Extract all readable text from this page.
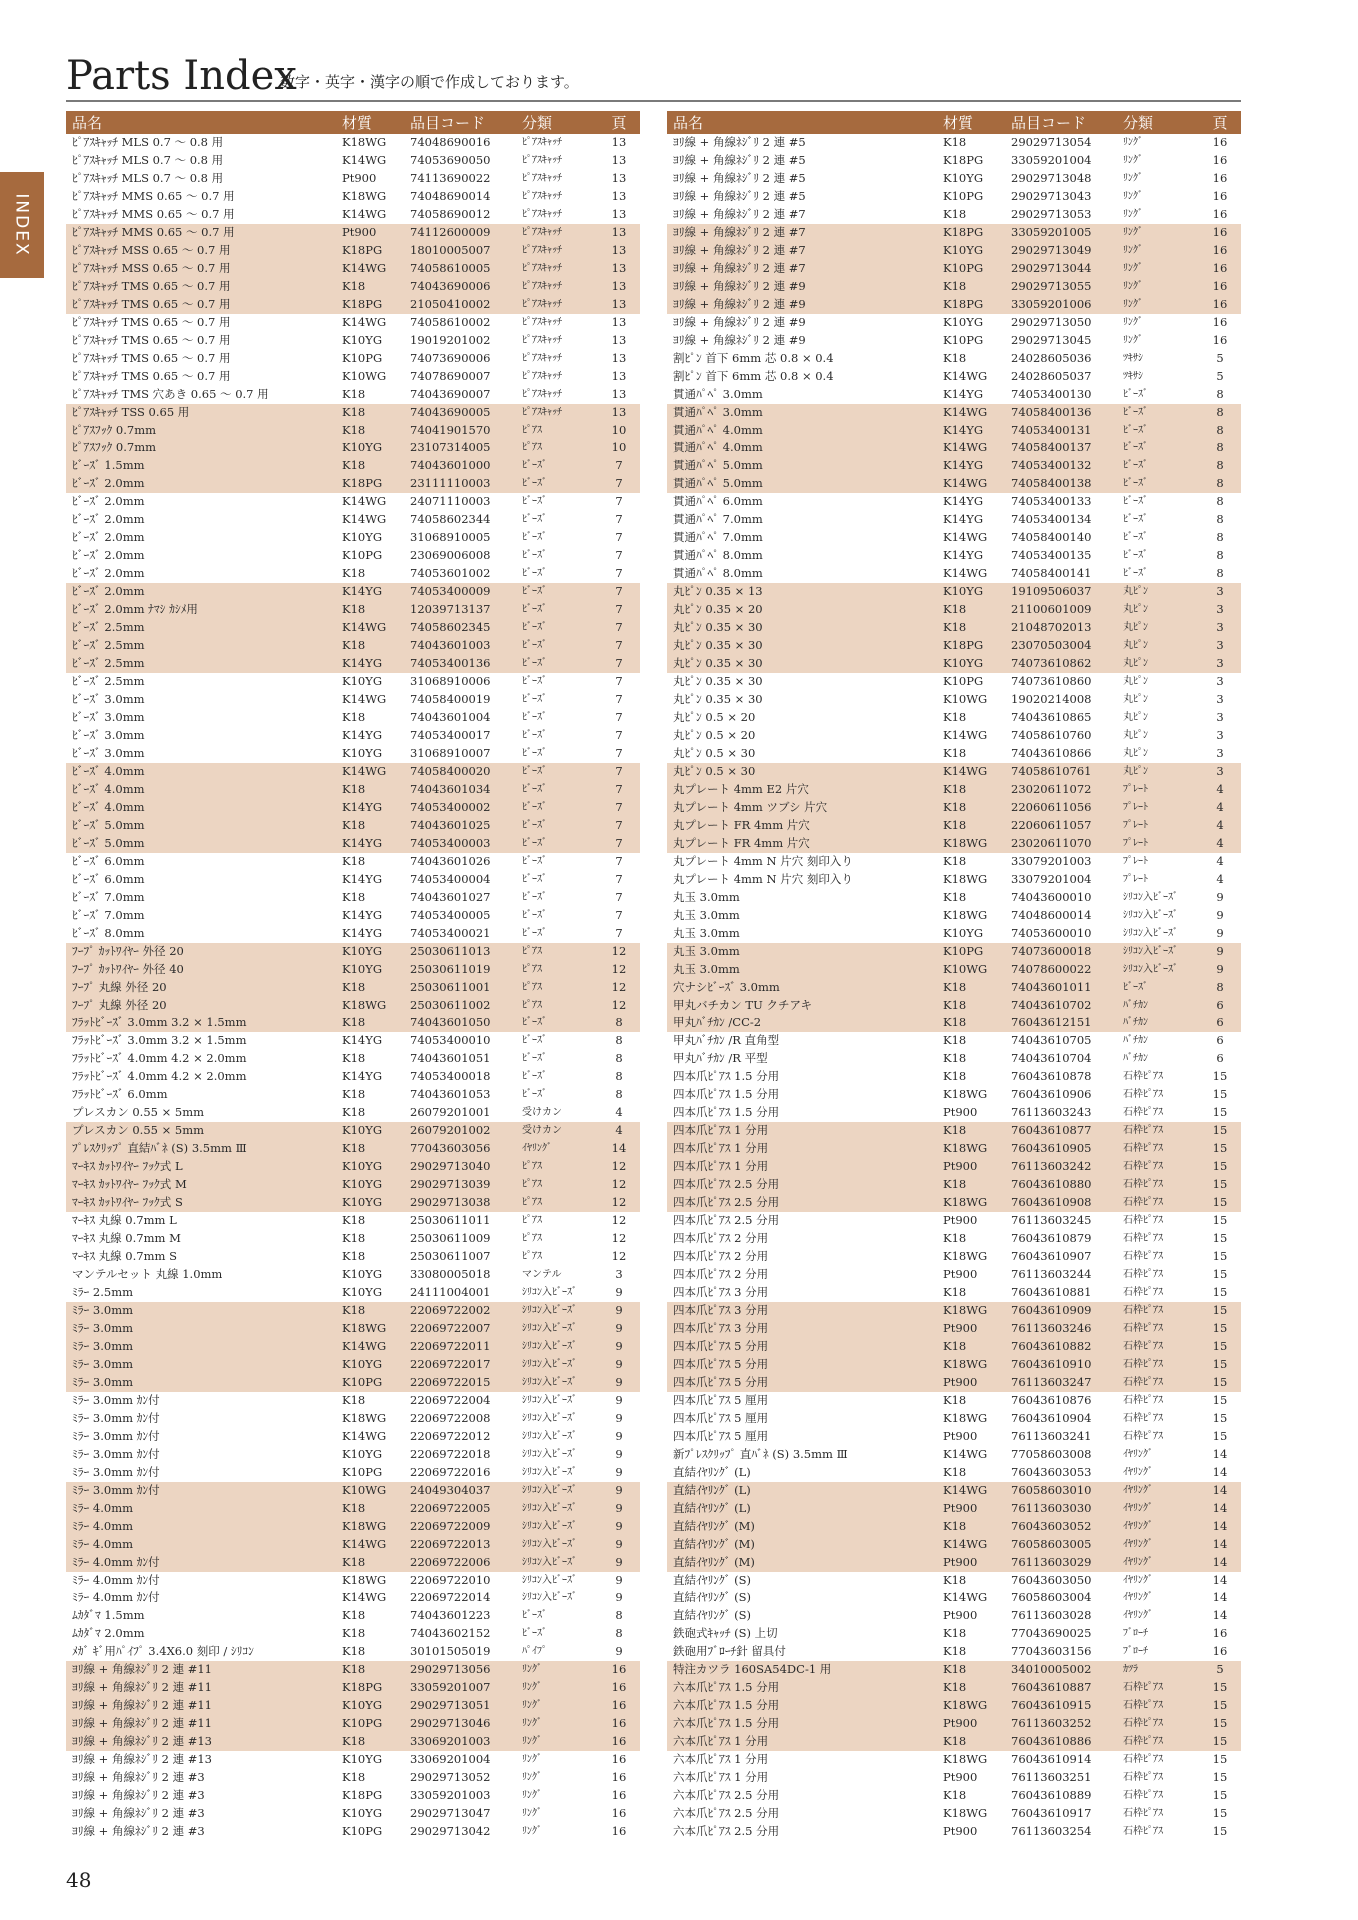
Parts Index
数字・英字・漢字の順で作成しております。
INDEX
品名	材質	品目コード	分類	頁
ﾋﾟｱｽｷｬｯﾁ MLS 0.7 ～ 0.8 用	K18WG	74048690016	ﾋﾟｱｽｷｬｯﾁ	13
ﾋﾟｱｽｷｬｯﾁ MLS 0.7 ～ 0.8 用	K14WG	74053690050	ﾋﾟｱｽｷｬｯﾁ	13
ﾋﾟｱｽｷｬｯﾁ MLS 0.7 ～ 0.8 用	Pt900	74113690022	ﾋﾟｱｽｷｬｯﾁ	13
ﾋﾟｱｽｷｬｯﾁ MMS 0.65 ～ 0.7 用	K18WG	74048690014	ﾋﾟｱｽｷｬｯﾁ	13
ﾋﾟｱｽｷｬｯﾁ MMS 0.65 ～ 0.7 用	K14WG	74058690012	ﾋﾟｱｽｷｬｯﾁ	13
ﾋﾟｱｽｷｬｯﾁ MMS 0.65 ～ 0.7 用	Pt900	74112600009	ﾋﾟｱｽｷｬｯﾁ	13
ﾋﾟｱｽｷｬｯﾁ MSS 0.65 ～ 0.7 用	K18PG	18010005007	ﾋﾟｱｽｷｬｯﾁ	13
ﾋﾟｱｽｷｬｯﾁ MSS 0.65 ～ 0.7 用	K14WG	74058610005	ﾋﾟｱｽｷｬｯﾁ	13
ﾋﾟｱｽｷｬｯﾁ TMS 0.65 ～ 0.7 用	K18	74043690006	ﾋﾟｱｽｷｬｯﾁ	13
ﾋﾟｱｽｷｬｯﾁ TMS 0.65 ～ 0.7 用	K18PG	21050410002	ﾋﾟｱｽｷｬｯﾁ	13
ﾋﾟｱｽｷｬｯﾁ TMS 0.65 ～ 0.7 用	K14WG	74058610002	ﾋﾟｱｽｷｬｯﾁ	13
ﾋﾟｱｽｷｬｯﾁ TMS 0.65 ～ 0.7 用	K10YG	19019201002	ﾋﾟｱｽｷｬｯﾁ	13
ﾋﾟｱｽｷｬｯﾁ TMS 0.65 ～ 0.7 用	K10PG	74073690006	ﾋﾟｱｽｷｬｯﾁ	13
ﾋﾟｱｽｷｬｯﾁ TMS 0.65 ～ 0.7 用	K10WG	74078690007	ﾋﾟｱｽｷｬｯﾁ	13
ﾋﾟｱｽｷｬｯﾁ TMS 穴あき 0.65 ～ 0.7 用	K18	74043690007	ﾋﾟｱｽｷｬｯﾁ	13
ﾋﾟｱｽｷｬｯﾁ TSS 0.65 用	K18	74043690005	ﾋﾟｱｽｷｬｯﾁ	13
ﾋﾟｱｽﾌｯｸ 0.7mm	K18	74041901570	ﾋﾟｱｽ	10
ﾋﾟｱｽﾌｯｸ 0.7mm	K10YG	23107314005	ﾋﾟｱｽ	10
ﾋﾞｰｽﾞ 1.5mm	K18	74043601000	ﾋﾞｰｽﾞ	7
ﾋﾞｰｽﾞ 2.0mm	K18PG	23111110003	ﾋﾞｰｽﾞ	7
ﾋﾞｰｽﾞ 2.0mm	K14WG	24071110003	ﾋﾞｰｽﾞ	7
ﾋﾞｰｽﾞ 2.0mm	K14WG	74058602344	ﾋﾞｰｽﾞ	7
ﾋﾞｰｽﾞ 2.0mm	K10YG	31068910005	ﾋﾞｰｽﾞ	7
ﾋﾞｰｽﾞ 2.0mm	K10PG	23069006008	ﾋﾞｰｽﾞ	7
ﾋﾞｰｽﾞ 2.0mm	K18	74053601002	ﾋﾞｰｽﾞ	7
ﾋﾞｰｽﾞ 2.0mm	K14YG	74053400009	ﾋﾞｰｽﾞ	7
ﾋﾞｰｽﾞ 2.0mm ﾅﾏｼ ｶｼﾒ用	K18	12039713137	ﾋﾞｰｽﾞ	7
ﾋﾞｰｽﾞ 2.5mm	K14WG	74058602345	ﾋﾞｰｽﾞ	7
ﾋﾞｰｽﾞ 2.5mm	K18	74043601003	ﾋﾞｰｽﾞ	7
ﾋﾞｰｽﾞ 2.5mm	K14YG	74053400136	ﾋﾞｰｽﾞ	7
ﾋﾞｰｽﾞ 2.5mm	K10YG	31068910006	ﾋﾞｰｽﾞ	7
ﾋﾞｰｽﾞ 3.0mm	K14WG	74058400019	ﾋﾞｰｽﾞ	7
ﾋﾞｰｽﾞ 3.0mm	K18	74043601004	ﾋﾞｰｽﾞ	7
ﾋﾞｰｽﾞ 3.0mm	K14YG	74053400017	ﾋﾞｰｽﾞ	7
ﾋﾞｰｽﾞ 3.0mm	K10YG	31068910007	ﾋﾞｰｽﾞ	7
ﾋﾞｰｽﾞ 4.0mm	K14WG	74058400020	ﾋﾞｰｽﾞ	7
ﾋﾞｰｽﾞ 4.0mm	K18	74043601034	ﾋﾞｰｽﾞ	7
ﾋﾞｰｽﾞ 4.0mm	K14YG	74053400002	ﾋﾞｰｽﾞ	7
ﾋﾞｰｽﾞ 5.0mm	K18	74043601025	ﾋﾞｰｽﾞ	7
ﾋﾞｰｽﾞ 5.0mm	K14YG	74053400003	ﾋﾞｰｽﾞ	7
ﾋﾞｰｽﾞ 6.0mm	K18	74043601026	ﾋﾞｰｽﾞ	7
ﾋﾞｰｽﾞ 6.0mm	K14YG	74053400004	ﾋﾞｰｽﾞ	7
ﾋﾞｰｽﾞ 7.0mm	K18	74043601027	ﾋﾞｰｽﾞ	7
ﾋﾞｰｽﾞ 7.0mm	K14YG	74053400005	ﾋﾞｰｽﾞ	7
ﾋﾞｰｽﾞ 8.0mm	K14YG	74053400021	ﾋﾞｰｽﾞ	7
ﾌｰﾌﾟ ｶｯﾄﾜｲﾔｰ 外径 20	K10YG	25030611013	ﾋﾟｱｽ	12
ﾌｰﾌﾟ ｶｯﾄﾜｲﾔｰ 外径 40	K10YG	25030611019	ﾋﾟｱｽ	12
ﾌｰﾌﾟ 丸線 外径 20	K18	25030611001	ﾋﾟｱｽ	12
ﾌｰﾌﾟ 丸線 外径 20	K18WG	25030611002	ﾋﾟｱｽ	12
ﾌﾗｯﾄﾋﾞｰｽﾞ 3.0mm 3.2 × 1.5mm	K18	74043601050	ﾋﾞｰｽﾞ	8
ﾌﾗｯﾄﾋﾞｰｽﾞ 3.0mm 3.2 × 1.5mm	K14YG	74053400010	ﾋﾞｰｽﾞ	8
ﾌﾗｯﾄﾋﾞｰｽﾞ 4.0mm 4.2 × 2.0mm	K18	74043601051	ﾋﾞｰｽﾞ	8
ﾌﾗｯﾄﾋﾞｰｽﾞ 4.0mm 4.2 × 2.0mm	K14YG	74053400018	ﾋﾞｰｽﾞ	8
ﾌﾗｯﾄﾋﾞｰｽﾞ 6.0mm	K18	74043601053	ﾋﾞｰｽﾞ	8
プレスカン 0.55 × 5mm	K18	26079201001	受けカン	4
プレスカン 0.55 × 5mm	K10YG	26079201002	受けカン	4
ﾌﾟﾚｽｸﾘｯﾌﾟ 直結ﾊﾞﾈ (S) 3.5mm Ⅲ	K18	77043603056	ｲﾔﾘﾝｸﾞ	14
ﾏｰｷｽ ｶｯﾄﾜｲﾔｰ ﾌｯｸ式 L	K10YG	29029713040	ﾋﾟｱｽ	12
ﾏｰｷｽ ｶｯﾄﾜｲﾔｰ ﾌｯｸ式 M	K10YG	29029713039	ﾋﾟｱｽ	12
ﾏｰｷｽ ｶｯﾄﾜｲﾔｰ ﾌｯｸ式 S	K10YG	29029713038	ﾋﾟｱｽ	12
ﾏｰｷｽ 丸線 0.7mm L	K18	25030611011	ﾋﾟｱｽ	12
ﾏｰｷｽ 丸線 0.7mm M	K18	25030611009	ﾋﾟｱｽ	12
ﾏｰｷｽ 丸線 0.7mm S	K18	25030611007	ﾋﾟｱｽ	12
マンテルセット 丸線 1.0mm	K10YG	33080005018	マンテル	3
ﾐﾗｰ 2.5mm	K10YG	24111004001	ｼﾘｺﾝ入ﾋﾞｰｽﾞ	9
ﾐﾗｰ 3.0mm	K18	22069722002	ｼﾘｺﾝ入ﾋﾞｰｽﾞ	9
ﾐﾗｰ 3.0mm	K18WG	22069722007	ｼﾘｺﾝ入ﾋﾞｰｽﾞ	9
ﾐﾗｰ 3.0mm	K14WG	22069722011	ｼﾘｺﾝ入ﾋﾞｰｽﾞ	9
ﾐﾗｰ 3.0mm	K10YG	22069722017	ｼﾘｺﾝ入ﾋﾞｰｽﾞ	9
ﾐﾗｰ 3.0mm	K10PG	22069722015	ｼﾘｺﾝ入ﾋﾞｰｽﾞ	9
ﾐﾗｰ 3.0mm ｶﾝ付	K18	22069722004	ｼﾘｺﾝ入ﾋﾞｰｽﾞ	9
ﾐﾗｰ 3.0mm ｶﾝ付	K18WG	22069722008	ｼﾘｺﾝ入ﾋﾞｰｽﾞ	9
ﾐﾗｰ 3.0mm ｶﾝ付	K14WG	22069722012	ｼﾘｺﾝ入ﾋﾞｰｽﾞ	9
ﾐﾗｰ 3.0mm ｶﾝ付	K10YG	22069722018	ｼﾘｺﾝ入ﾋﾞｰｽﾞ	9
ﾐﾗｰ 3.0mm ｶﾝ付	K10PG	22069722016	ｼﾘｺﾝ入ﾋﾞｰｽﾞ	9
ﾐﾗｰ 3.0mm ｶﾝ付	K10WG	24049304037	ｼﾘｺﾝ入ﾋﾞｰｽﾞ	9
ﾐﾗｰ 4.0mm	K18	22069722005	ｼﾘｺﾝ入ﾋﾞｰｽﾞ	9
ﾐﾗｰ 4.0mm	K18WG	22069722009	ｼﾘｺﾝ入ﾋﾞｰｽﾞ	9
ﾐﾗｰ 4.0mm	K14WG	22069722013	ｼﾘｺﾝ入ﾋﾞｰｽﾞ	9
ﾐﾗｰ 4.0mm ｶﾝ付	K18	22069722006	ｼﾘｺﾝ入ﾋﾞｰｽﾞ	9
ﾐﾗｰ 4.0mm ｶﾝ付	K18WG	22069722010	ｼﾘｺﾝ入ﾋﾞｰｽﾞ	9
ﾐﾗｰ 4.0mm ｶﾝ付	K14WG	22069722014	ｼﾘｺﾝ入ﾋﾞｰｽﾞ	9
ﾑｶﾀﾞﾏ 1.5mm	K18	74043601223	ﾋﾞｰｽﾞ	8
ﾑｶﾀﾞﾏ 2.0mm	K18	74043602152	ﾋﾞｰｽﾞ	8
ﾒｶﾞ ｷﾞ用ﾊﾟｲﾌﾟ 3.4X6.0 刻印 / ｼﾘｺﾝ	K18	30101505019	ﾊﾟｲﾌﾟ	9
ﾖﾘ線 + 角線ﾈｼﾞﾘ 2 連 #11	K18	29029713056	ﾘﾝｸﾞ	16
ﾖﾘ線 + 角線ﾈｼﾞﾘ 2 連 #11	K18PG	33059201007	ﾘﾝｸﾞ	16
ﾖﾘ線 + 角線ﾈｼﾞﾘ 2 連 #11	K10YG	29029713051	ﾘﾝｸﾞ	16
ﾖﾘ線 + 角線ﾈｼﾞﾘ 2 連 #11	K10PG	29029713046	ﾘﾝｸﾞ	16
ﾖﾘ線 + 角線ﾈｼﾞﾘ 2 連 #13	K18	33069201003	ﾘﾝｸﾞ	16
ﾖﾘ線 + 角線ﾈｼﾞﾘ 2 連 #13	K10YG	33069201004	ﾘﾝｸﾞ	16
ﾖﾘ線 + 角線ﾈｼﾞﾘ 2 連 #3	K18	29029713052	ﾘﾝｸﾞ	16
ﾖﾘ線 + 角線ﾈｼﾞﾘ 2 連 #3	K18PG	33059201003	ﾘﾝｸﾞ	16
ﾖﾘ線 + 角線ﾈｼﾞﾘ 2 連 #3	K10YG	29029713047	ﾘﾝｸﾞ	16
ﾖﾘ線 + 角線ﾈｼﾞﾘ 2 連 #3	K10PG	29029713042	ﾘﾝｸﾞ	16
品名	材質	品目コード	分類	頁
ﾖﾘ線 + 角線ﾈｼﾞﾘ 2 連 #5	K18	29029713054	ﾘﾝｸﾞ	16
ﾖﾘ線 + 角線ﾈｼﾞﾘ 2 連 #5	K18PG	33059201004	ﾘﾝｸﾞ	16
ﾖﾘ線 + 角線ﾈｼﾞﾘ 2 連 #5	K10YG	29029713048	ﾘﾝｸﾞ	16
ﾖﾘ線 + 角線ﾈｼﾞﾘ 2 連 #5	K10PG	29029713043	ﾘﾝｸﾞ	16
ﾖﾘ線 + 角線ﾈｼﾞﾘ 2 連 #7	K18	29029713053	ﾘﾝｸﾞ	16
ﾖﾘ線 + 角線ﾈｼﾞﾘ 2 連 #7	K18PG	33059201005	ﾘﾝｸﾞ	16
ﾖﾘ線 + 角線ﾈｼﾞﾘ 2 連 #7	K10YG	29029713049	ﾘﾝｸﾞ	16
ﾖﾘ線 + 角線ﾈｼﾞﾘ 2 連 #7	K10PG	29029713044	ﾘﾝｸﾞ	16
ﾖﾘ線 + 角線ﾈｼﾞﾘ 2 連 #9	K18	29029713055	ﾘﾝｸﾞ	16
ﾖﾘ線 + 角線ﾈｼﾞﾘ 2 連 #9	K18PG	33059201006	ﾘﾝｸﾞ	16
ﾖﾘ線 + 角線ﾈｼﾞﾘ 2 連 #9	K10YG	29029713050	ﾘﾝｸﾞ	16
ﾖﾘ線 + 角線ﾈｼﾞﾘ 2 連 #9	K10PG	29029713045	ﾘﾝｸﾞ	16
割ﾋﾟﾝ 首下 6mm 芯 0.8 × 0.4	K18	24028605036	ﾂｷｻｼ	5
割ﾋﾟﾝ 首下 6mm 芯 0.8 × 0.4	K14WG	24028605037	ﾂｷｻｼ	5
貫通ﾊﾟﾍﾟ 3.0mm	K14YG	74053400130	ﾋﾞｰｽﾞ	8
貫通ﾊﾟﾍﾟ 3.0mm	K14WG	74058400136	ﾋﾞｰｽﾞ	8
貫通ﾊﾟﾍﾟ 4.0mm	K14YG	74053400131	ﾋﾞｰｽﾞ	8
貫通ﾊﾟﾍﾟ 4.0mm	K14WG	74058400137	ﾋﾞｰｽﾞ	8
貫通ﾊﾟﾍﾟ 5.0mm	K14YG	74053400132	ﾋﾞｰｽﾞ	8
貫通ﾊﾟﾍﾟ 5.0mm	K14WG	74058400138	ﾋﾞｰｽﾞ	8
貫通ﾊﾟﾍﾟ 6.0mm	K14YG	74053400133	ﾋﾞｰｽﾞ	8
貫通ﾊﾟﾍﾟ 7.0mm	K14YG	74053400134	ﾋﾞｰｽﾞ	8
貫通ﾊﾟﾍﾟ 7.0mm	K14WG	74058400140	ﾋﾞｰｽﾞ	8
貫通ﾊﾟﾍﾟ 8.0mm	K14YG	74053400135	ﾋﾞｰｽﾞ	8
貫通ﾊﾟﾍﾟ 8.0mm	K14WG	74058400141	ﾋﾞｰｽﾞ	8
丸ﾋﾟﾝ 0.35 × 13	K10YG	19109506037	丸ﾋﾟﾝ	3
丸ﾋﾟﾝ 0.35 × 20	K18	21100601009	丸ﾋﾟﾝ	3
丸ﾋﾟﾝ 0.35 × 30	K18	21048702013	丸ﾋﾟﾝ	3
丸ﾋﾟﾝ 0.35 × 30	K18PG	23070503004	丸ﾋﾟﾝ	3
丸ﾋﾟﾝ 0.35 × 30	K10YG	74073610862	丸ﾋﾟﾝ	3
丸ﾋﾟﾝ 0.35 × 30	K10PG	74073610860	丸ﾋﾟﾝ	3
丸ﾋﾟﾝ 0.35 × 30	K10WG	19020214008	丸ﾋﾟﾝ	3
丸ﾋﾟﾝ 0.5 × 20	K18	74043610865	丸ﾋﾟﾝ	3
丸ﾋﾟﾝ 0.5 × 20	K14WG	74058610760	丸ﾋﾟﾝ	3
丸ﾋﾟﾝ 0.5 × 30	K18	74043610866	丸ﾋﾟﾝ	3
丸ﾋﾟﾝ 0.5 × 30	K14WG	74058610761	丸ﾋﾟﾝ	3
丸プレート 4mm E2 片穴	K18	23020611072	ﾌﾟﾚｰﾄ	4
丸プレート 4mm ツブシ 片穴	K18	22060611056	ﾌﾟﾚｰﾄ	4
丸プレート FR 4mm 片穴	K18	22060611057	ﾌﾟﾚｰﾄ	4
丸プレート FR 4mm 片穴	K18WG	23020611070	ﾌﾟﾚｰﾄ	4
丸プレート 4mm N 片穴 刻印入り	K18	33079201003	ﾌﾟﾚｰﾄ	4
丸プレート 4mm N 片穴 刻印入り	K18WG	33079201004	ﾌﾟﾚｰﾄ	4
丸玉 3.0mm	K18	74043600010	ｼﾘｺﾝ入ﾋﾞｰｽﾞ	9
丸玉 3.0mm	K18WG	74048600014	ｼﾘｺﾝ入ﾋﾞｰｽﾞ	9
丸玉 3.0mm	K10YG	74053600010	ｼﾘｺﾝ入ﾋﾞｰｽﾞ	9
丸玉 3.0mm	K10PG	74073600018	ｼﾘｺﾝ入ﾋﾞｰｽﾞ	9
丸玉 3.0mm	K10WG	74078600022	ｼﾘｺﾝ入ﾋﾞｰｽﾞ	9
穴ナシﾋﾞｰｽﾞ 3.0mm	K18	74043601011	ﾋﾞｰｽﾞ	8
甲丸バチカン TU クチアキ	K18	74043610702	ﾊﾞﾁｶﾝ	6
甲丸ﾊﾞﾁｶﾝ /CC-2	K18	76043612151	ﾊﾞﾁｶﾝ	6
甲丸ﾊﾞﾁｶﾝ /R 直角型	K18	74043610705	ﾊﾞﾁｶﾝ	6
甲丸ﾊﾞﾁｶﾝ /R 平型	K18	74043610704	ﾊﾞﾁｶﾝ	6
四本爪ﾋﾟｱｽ 1.5 分用	K18	76043610878	石枠ﾋﾟｱｽ	15
四本爪ﾋﾟｱｽ 1.5 分用	K18WG	76043610906	石枠ﾋﾟｱｽ	15
四本爪ﾋﾟｱｽ 1.5 分用	Pt900	76113603243	石枠ﾋﾟｱｽ	15
四本爪ﾋﾟｱｽ 1 分用	K18	76043610877	石枠ﾋﾟｱｽ	15
四本爪ﾋﾟｱｽ 1 分用	K18WG	76043610905	石枠ﾋﾟｱｽ	15
四本爪ﾋﾟｱｽ 1 分用	Pt900	76113603242	石枠ﾋﾟｱｽ	15
四本爪ﾋﾟｱｽ 2.5 分用	K18	76043610880	石枠ﾋﾟｱｽ	15
四本爪ﾋﾟｱｽ 2.5 分用	K18WG	76043610908	石枠ﾋﾟｱｽ	15
四本爪ﾋﾟｱｽ 2.5 分用	Pt900	76113603245	石枠ﾋﾟｱｽ	15
四本爪ﾋﾟｱｽ 2 分用	K18	76043610879	石枠ﾋﾟｱｽ	15
四本爪ﾋﾟｱｽ 2 分用	K18WG	76043610907	石枠ﾋﾟｱｽ	15
四本爪ﾋﾟｱｽ 2 分用	Pt900	76113603244	石枠ﾋﾟｱｽ	15
四本爪ﾋﾟｱｽ 3 分用	K18	76043610881	石枠ﾋﾟｱｽ	15
四本爪ﾋﾟｱｽ 3 分用	K18WG	76043610909	石枠ﾋﾟｱｽ	15
四本爪ﾋﾟｱｽ 3 分用	Pt900	76113603246	石枠ﾋﾟｱｽ	15
四本爪ﾋﾟｱｽ 5 分用	K18	76043610882	石枠ﾋﾟｱｽ	15
四本爪ﾋﾟｱｽ 5 分用	K18WG	76043610910	石枠ﾋﾟｱｽ	15
四本爪ﾋﾟｱｽ 5 分用	Pt900	76113603247	石枠ﾋﾟｱｽ	15
四本爪ﾋﾟｱｽ 5 厘用	K18	76043610876	石枠ﾋﾟｱｽ	15
四本爪ﾋﾟｱｽ 5 厘用	K18WG	76043610904	石枠ﾋﾟｱｽ	15
四本爪ﾋﾟｱｽ 5 厘用	Pt900	76113603241	石枠ﾋﾟｱｽ	15
新ﾌﾟﾚｽｸﾘｯﾌﾟ 直ﾊﾞﾈ (S) 3.5mm Ⅲ	K14WG	77058603008	ｲﾔﾘﾝｸﾞ	14
直結ｲﾔﾘﾝｸﾞ (L)	K18	76043603053	ｲﾔﾘﾝｸﾞ	14
直結ｲﾔﾘﾝｸﾞ (L)	K14WG	76058603010	ｲﾔﾘﾝｸﾞ	14
直結ｲﾔﾘﾝｸﾞ (L)	Pt900	76113603030	ｲﾔﾘﾝｸﾞ	14
直結ｲﾔﾘﾝｸﾞ (M)	K18	76043603052	ｲﾔﾘﾝｸﾞ	14
直結ｲﾔﾘﾝｸﾞ (M)	K14WG	76058603005	ｲﾔﾘﾝｸﾞ	14
直結ｲﾔﾘﾝｸﾞ (M)	Pt900	76113603029	ｲﾔﾘﾝｸﾞ	14
直結ｲﾔﾘﾝｸﾞ (S)	K18	76043603050	ｲﾔﾘﾝｸﾞ	14
直結ｲﾔﾘﾝｸﾞ (S)	K14WG	76058603004	ｲﾔﾘﾝｸﾞ	14
直結ｲﾔﾘﾝｸﾞ (S)	Pt900	76113603028	ｲﾔﾘﾝｸﾞ	14
鉄砲式ｷｬｯﾁ (S) 上切	K18	77043690025	ﾌﾞﾛｰﾁ	16
鉄砲用ﾌﾞﾛｰﾁ針 留具付	K18	77043603156	ﾌﾞﾛｰﾁ	16
特注カツラ 160SA54DC-1 用	K18	34010005002	ｶﾂﾗ	5
六本爪ﾋﾟｱｽ 1.5 分用	K18	76043610887	石枠ﾋﾟｱｽ	15
六本爪ﾋﾟｱｽ 1.5 分用	K18WG	76043610915	石枠ﾋﾟｱｽ	15
六本爪ﾋﾟｱｽ 1.5 分用	Pt900	76113603252	石枠ﾋﾟｱｽ	15
六本爪ﾋﾟｱｽ 1 分用	K18	76043610886	石枠ﾋﾟｱｽ	15
六本爪ﾋﾟｱｽ 1 分用	K18WG	76043610914	石枠ﾋﾟｱｽ	15
六本爪ﾋﾟｱｽ 1 分用	Pt900	76113603251	石枠ﾋﾟｱｽ	15
六本爪ﾋﾟｱｽ 2.5 分用	K18	76043610889	石枠ﾋﾟｱｽ	15
六本爪ﾋﾟｱｽ 2.5 分用	K18WG	76043610917	石枠ﾋﾟｱｽ	15
六本爪ﾋﾟｱｽ 2.5 分用	Pt900	76113603254	石枠ﾋﾟｱｽ	15
48
